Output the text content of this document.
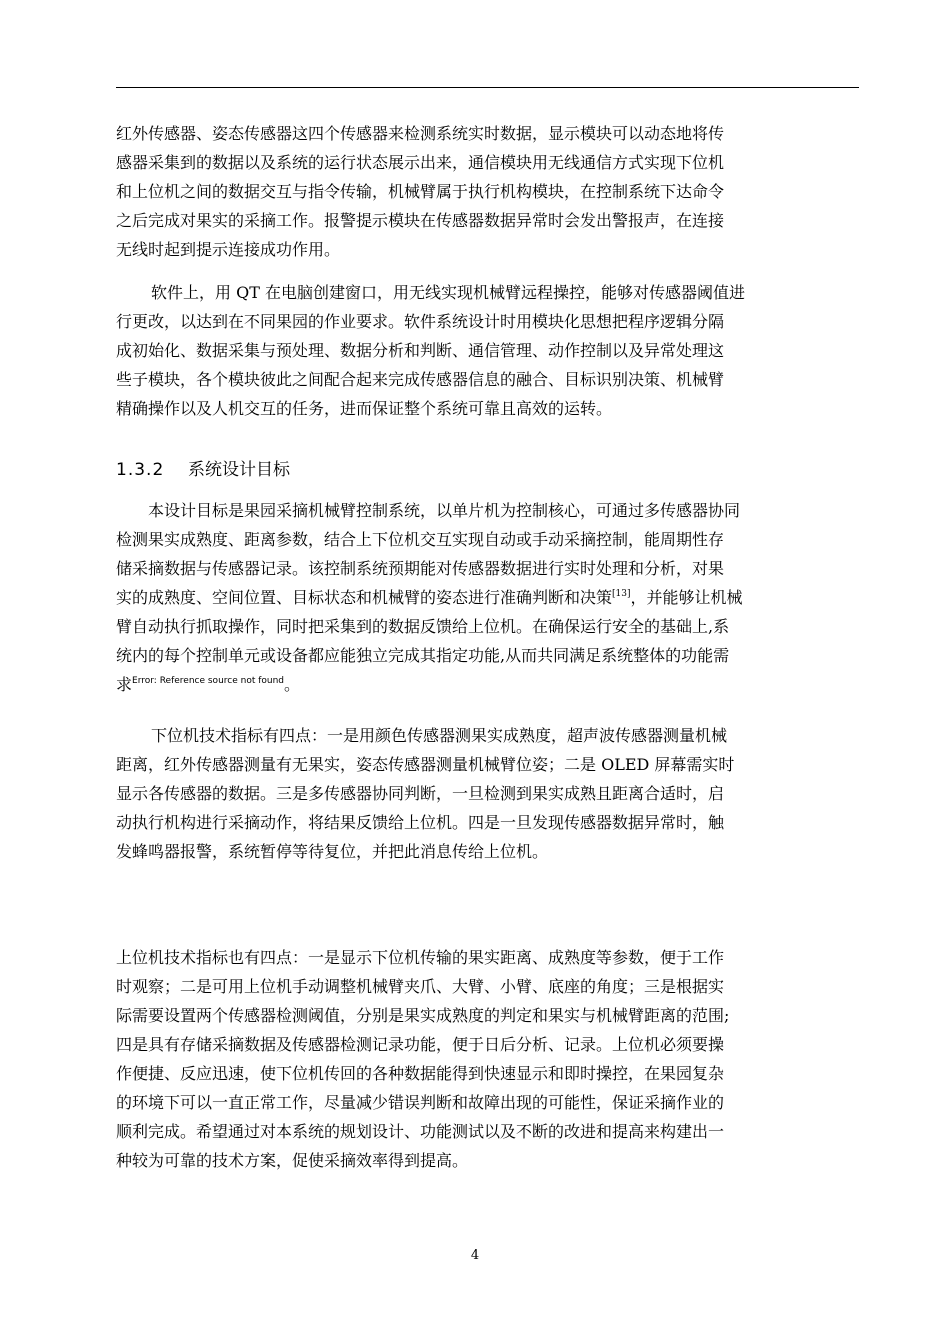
红外传感器、姿态传感器这四个传感器来检测系统实时数据，显示模块可以动态地将传
感器采集到的数据以及系统的运行状态展示出来，通信模块用无线通信方式实现下位机
和上位机之间的数据交互与指令传输，机械臂属于执行机构模块，在控制系统下达命令
之后完成对果实的采摘工作。报警提示模块在传感器数据异常时会发出警报声，在连接
无线时起到提示连接成功作用。
软件上，用 QT 在电脑创建窗口，用无线实现机械臂远程操控，能够对传感器阈值进
行更改，以达到在不同果园的作业要求。软件系统设计时用模块化思想把程序逻辑分隔
成初始化、数据采集与预处理、数据分析和判断、通信管理、动作控制以及异常处理这
些子模块，各个模块彼此之间配合起来完成传感器信息的融合、目标识别决策、机械臂
精确操作以及人机交互的任务，进而保证整个系统可靠且高效的运转。
1.3.2 系统设计目标
本设计目标是果园采摘机械臂控制系统，以单片机为控制核心，可通过多传感器协同
检测果实成熟度、距离参数，结合上下位机交互实现自动或手动采摘控制，能周期性存
储采摘数据与传感器记录。该控制系统预期能对传感器数据进行实时处理和分析，对果
实的成熟度、空间位置、目标状态和机械臂的姿态进行准确判断和决策[13]，并能够让机械
臂自动执行抓取操作，同时把采集到的数据反馈给上位机。在确保运行安全的基础上,系
统内的每个控制单元或设备都应能独立完成其指定功能,从而共同满足系统整体的功能需
求$^{Error: Reference source not found}$。
下位机技术指标有四点：一是用颜色传感器测果实成熟度，超声波传感器测量机械
距离，红外传感器测量有无果实，姿态传感器测量机械臂位姿；二是 OLED 屏幕需实时
显示各传感器的数据。三是多传感器协同判断，一旦检测到果实成熟且距离合适时，启
动执行机构进行采摘动作，将结果反馈给上位机。四是一旦发现传感器数据异常时，触
发蜂鸣器报警，系统暂停等待复位，并把此消息传给上位机。
上位机技术指标也有四点：一是显示下位机传输的果实距离、成熟度等参数，便于工作
时观察；二是可用上位机手动调整机械臂夹爪、大臂、小臂、底座的角度；三是根据实
际需要设置两个传感器检测阈值，分别是果实成熟度的判定和果实与机械臂距离的范围;
四是具有存储采摘数据及传感器检测记录功能，便于日后分析、记录。上位机必须要操
作便捷、反应迅速，使下位机传回的各种数据能得到快速显示和即时操控，在果园复杂
的环境下可以一直正常工作，尽量减少错误判断和故障出现的可能性，保证采摘作业的
顺利完成。希望通过对本系统的规划设计、功能测试以及不断的改进和提高来构建出一
种较为可靠的技术方案，促使采摘效率得到提高。
4
